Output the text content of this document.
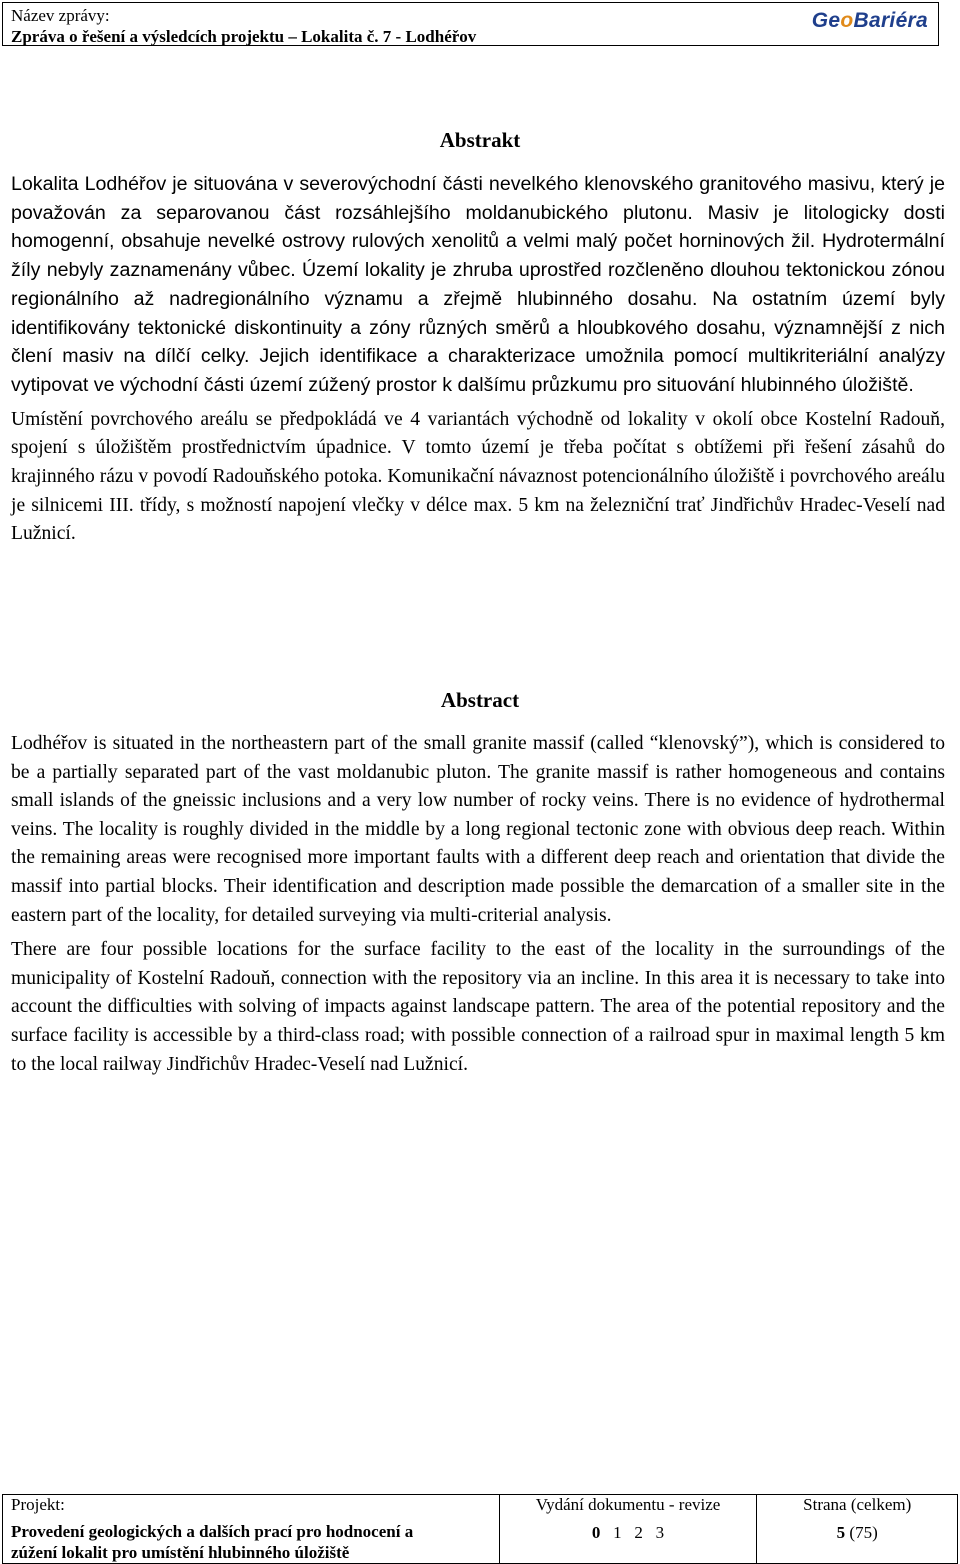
Název zprávy:
Zpráva o řešení a výsledcích projektu – Lokalita č. 7 - Lodhéřov
GeoBariéra
Abstrakt

Lokalita Lodhéřov je situována v severovýchodní části nevelkého klenovského granitového masivu, který je považován za separovanou část rozsáhlejšího moldanubického plutonu. Masiv je litologicky dosti homogenní, obsahuje nevelké ostrovy rulových xenolitů a velmi malý počet horninových žil. Hydrotermální žíly nebyly zaznamenány vůbec. Území lokality je zhruba uprostřed rozčleněno dlouhou tektonickou zónou regionálního až nadregionálního významu a zřejmě hlubinného dosahu. Na ostatním území byly identifikovány tektonické diskontinuity a zóny různých směrů a hloubkového dosahu, významnější z nich člení masiv na dílčí celky. Jejich identifikace a charakterizace umožnila pomocí multikriteriální analýzy vytipovat ve východní části území zúžený prostor k dalšímu průzkumu pro situování hlubinného úložiště.

Umístění povrchového areálu se předpokládá ve 4 variantách východně od lokality v okolí obce Kostelní Radouň, spojení s úložištěm prostřednictvím úpadnice. V tomto území je třeba počítat s obtížemi při řešení zásahů do krajinného rázu v povodí Radouňského potoka. Komunikační návaznost potencionálního úložiště i povrchového areálu je silnicemi III. třídy, s možností napojení vlečky v délce max. 5 km na železniční trať Jindřichův Hradec-Veselí nad Lužnicí.

Abstract

Lodhéřov is situated in the northeastern part of the small granite massif (called “klenovský”), which is considered to be a partially separated part of the vast moldanubic pluton. The granite massif is rather homogeneous and contains small islands of the gneissic inclusions and a very low number of rocky veins. There is no evidence of hydrothermal veins. The locality is roughly divided in the middle by a long regional tectonic zone with obvious deep reach. Within the remaining areas were recognised more important faults with a different deep reach and orientation that divide the massif into partial blocks. Their identification and description made possible the demarcation of a smaller site in the eastern part of the locality, for detailed surveying via multi-criterial analysis.

There are four possible locations for the surface facility to the east of the locality in the surroundings of the municipality of Kostelní Radouň, connection with the repository via an incline. In this area it is necessary to take into account the difficulties with solving of impacts against landscape pattern. The area of the potential repository and the surface facility is accessible by a third-class road; with possible connection of a railroad spur in maximal length 5 km to the local railway Jindřichův Hradec-Veselí nad Lužnicí.

Projekt:
Provedení geologických a dalších prací pro hodnocení a
zúžení lokalit pro umístění hlubinného úložiště

Vydání dokumentu - revize
0   1   2   3

Strana (celkem)
5 (75)
